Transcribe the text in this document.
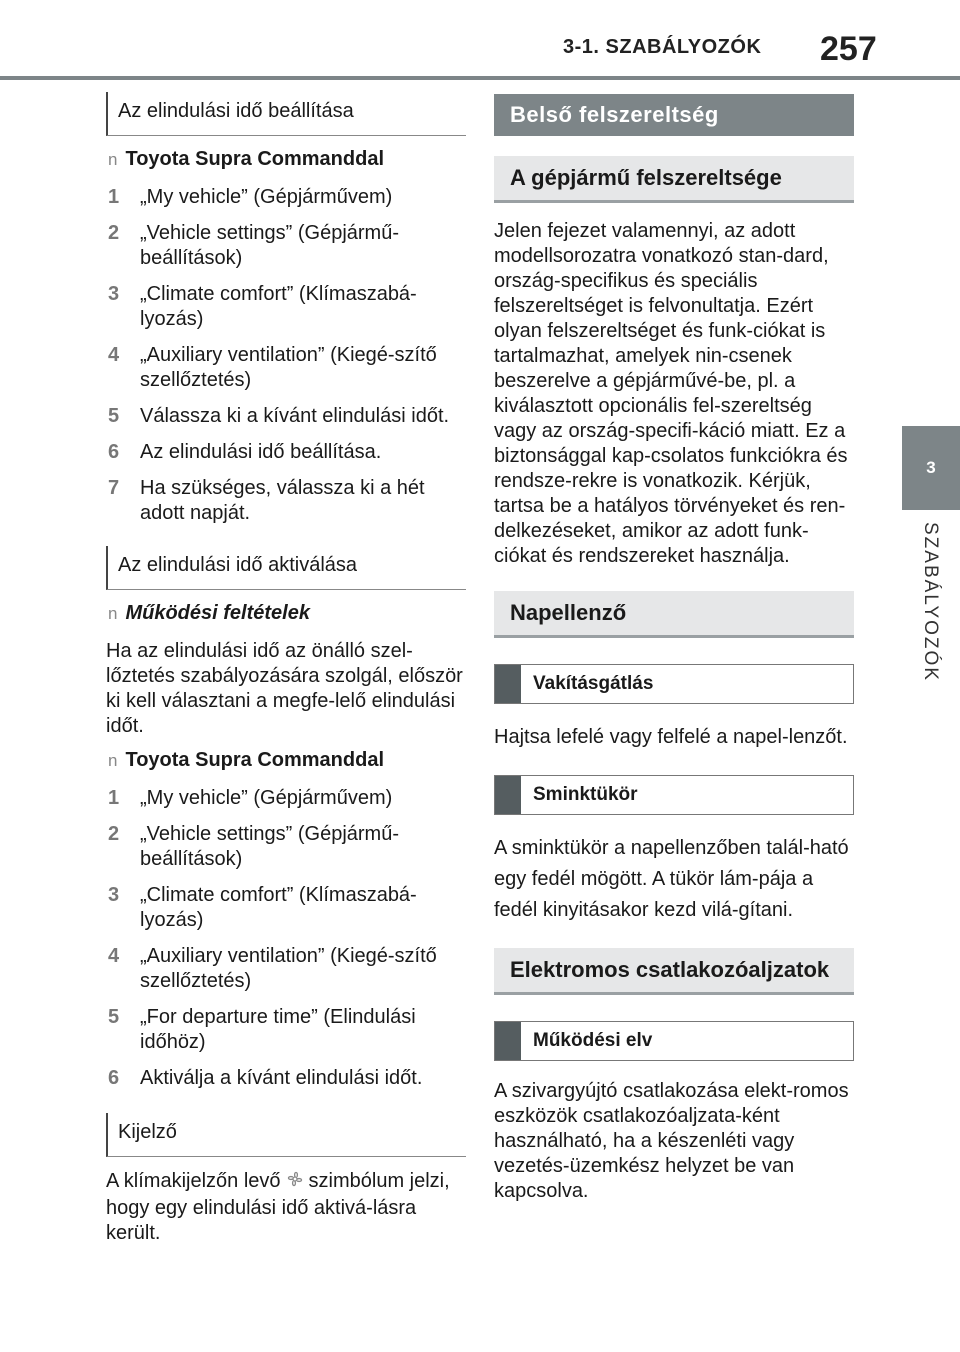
3-1. SZABÁLYOZÓK 257
3
SZABÁLYOZÓK
Az elindulási idő beállítása
n Toyota Supra Commanddal
1	„My vehicle” (Gépjárművem)
2	„Vehicle settings” (Gépjármű-beállítások)
3	„Climate comfort” (Klímaszabá-lyozás)
4	„Auxiliary ventilation” (Kiegé-szítő szellőztetés)
5	Válassza ki a kívánt elindulási időt.
6	Az elindulási idő beállítása.
7	Ha szükséges, válassza ki a hét adott napját.
Az elindulási idő aktiválása
n Működési feltételek
Ha az elindulási idő az önálló szel-lőztetés szabályozására szolgál, először ki kell választani a megfe-lelő elindulási időt.
n Toyota Supra Commanddal
1	„My vehicle” (Gépjárművem)
2	„Vehicle settings” (Gépjármű-beállítások)
3	„Climate comfort” (Klímaszabá-lyozás)
4	„Auxiliary ventilation” (Kiegé-szítő szellőztetés)
5	„For departure time” (Elindulási időhöz)
6	Aktiválja a kívánt elindulási időt.
Kijelző
A klímakijelzőn levő szimbólum jelzi, hogy egy elindulási idő aktivá-lásra került.
Belső felszereltség
A gépjármű felszereltsége
Jelen fejezet valamennyi, az adott modellsorozatra vonatkozó stan-dard, ország-specifikus és speciális felszereltséget is felvonultatja. Ezért olyan felszereltséget és funk-ciókat is tartalmazhat, amelyek nin-csenek beszerelve a gépjárművé-be, pl. a kiválasztott opcionális fel-szereltség vagy az ország-specifi-káció miatt. Ez a biztonsággal kap-csolatos funkciókra és rendsze-rekre is vonatkozik. Kérjük, tartsa be a hatályos törvényeket és ren-delkezéseket, amikor az adott funk-ciókat és rendszereket használja.
Napellenző
Vakításgátlás
Hajtsa lefelé vagy felfelé a napel-lenzőt.
Sminktükör
A sminktükör a napellenzőben talál-ható egy fedél mögött. A tükör lám-pája a fedél kinyitásakor kezd vilá-gítani.
Elektromos csatlakozóaljzatok
Működési elv
A szivargyújtó csatlakozása elekt-romos eszközök csatlakozóaljzata-ként használható, ha a készenléti vagy vezetés-üzemkész helyzet be van kapcsolva.
